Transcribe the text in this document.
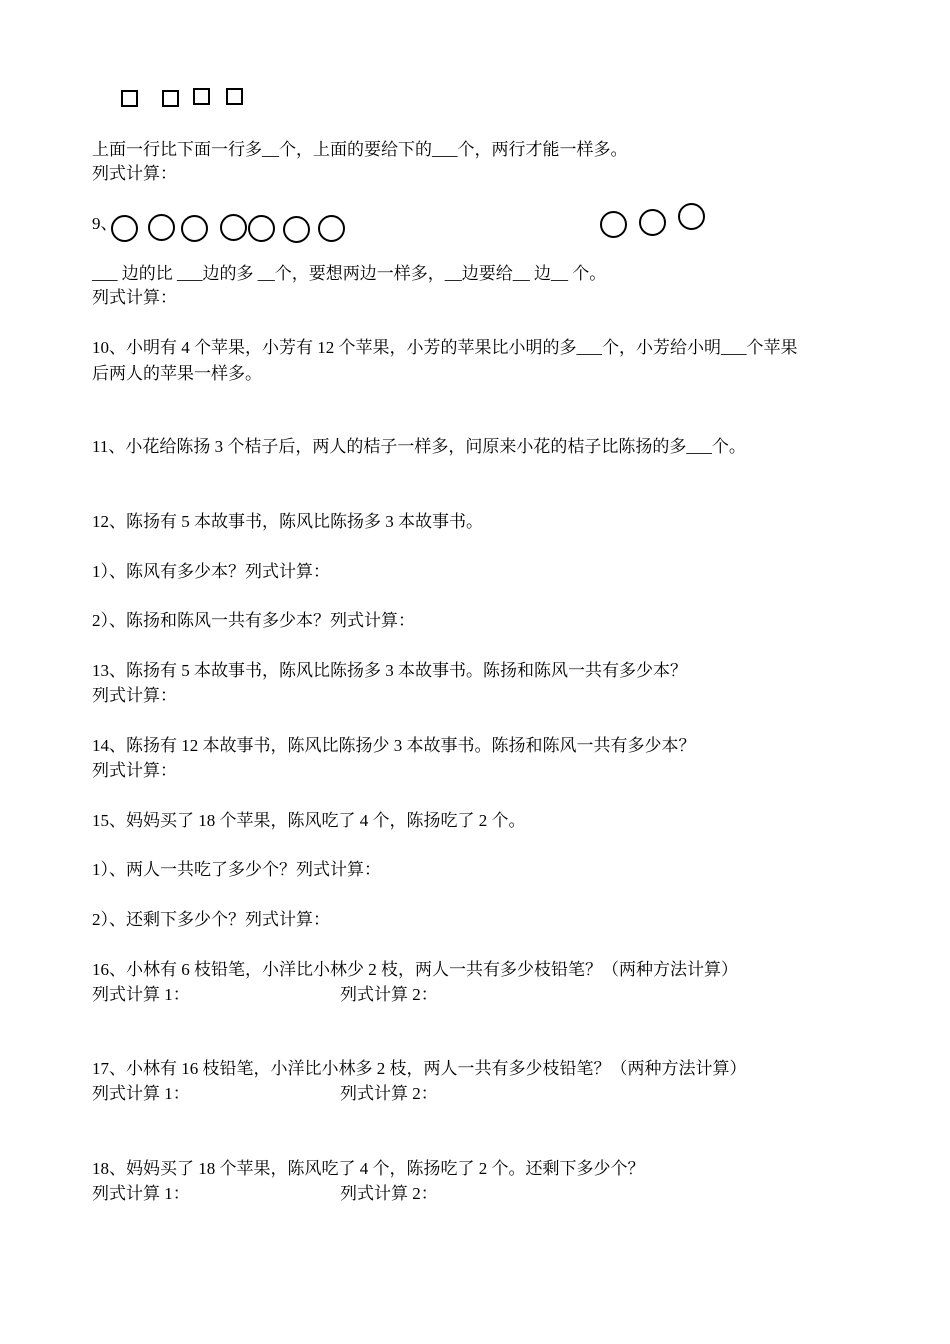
上面一行比下面一行多__个，上面的要给下的___个，两行才能一样多。
列式计算：
9、
___ 边的比 ___边的多 __个，要想两边一样多，__边要给__ 边__ 个。
列式计算：
10、小明有 4 个苹果，小芳有 12 个苹果，小芳的苹果比小明的多___个，小芳给小明___个苹果
后两人的苹果一样多。
11、小花给陈扬 3 个桔子后，两人的桔子一样多，问原来小花的桔子比陈扬的多___个。
12、陈扬有 5 本故事书，陈风比陈扬多 3 本故事书。
1）、陈风有多少本？列式计算：
2）、陈扬和陈风一共有多少本？列式计算：
13、陈扬有 5 本故事书，陈风比陈扬多 3 本故事书。陈扬和陈风一共有多少本？
列式计算：
14、陈扬有 12 本故事书，陈风比陈扬少 3 本故事书。陈扬和陈风一共有多少本？
列式计算：
15、妈妈买了 18 个苹果，陈风吃了 4 个，陈扬吃了 2 个。
1）、两人一共吃了多少个？列式计算：
2）、还剩下多少个？列式计算：
16、小林有 6 枝铅笔，小洋比小林少 2 枝，两人一共有多少枝铅笔？（两种方法计算）
列式计算 1：	列式计算 2：
17、小林有 16 枝铅笔，小洋比小林多 2 枝，两人一共有多少枝铅笔？（两种方法计算）
列式计算 1：	列式计算 2：
18、妈妈买了 18 个苹果，陈风吃了 4 个，陈扬吃了 2 个。还剩下多少个？
列式计算 1：	列式计算 2：
